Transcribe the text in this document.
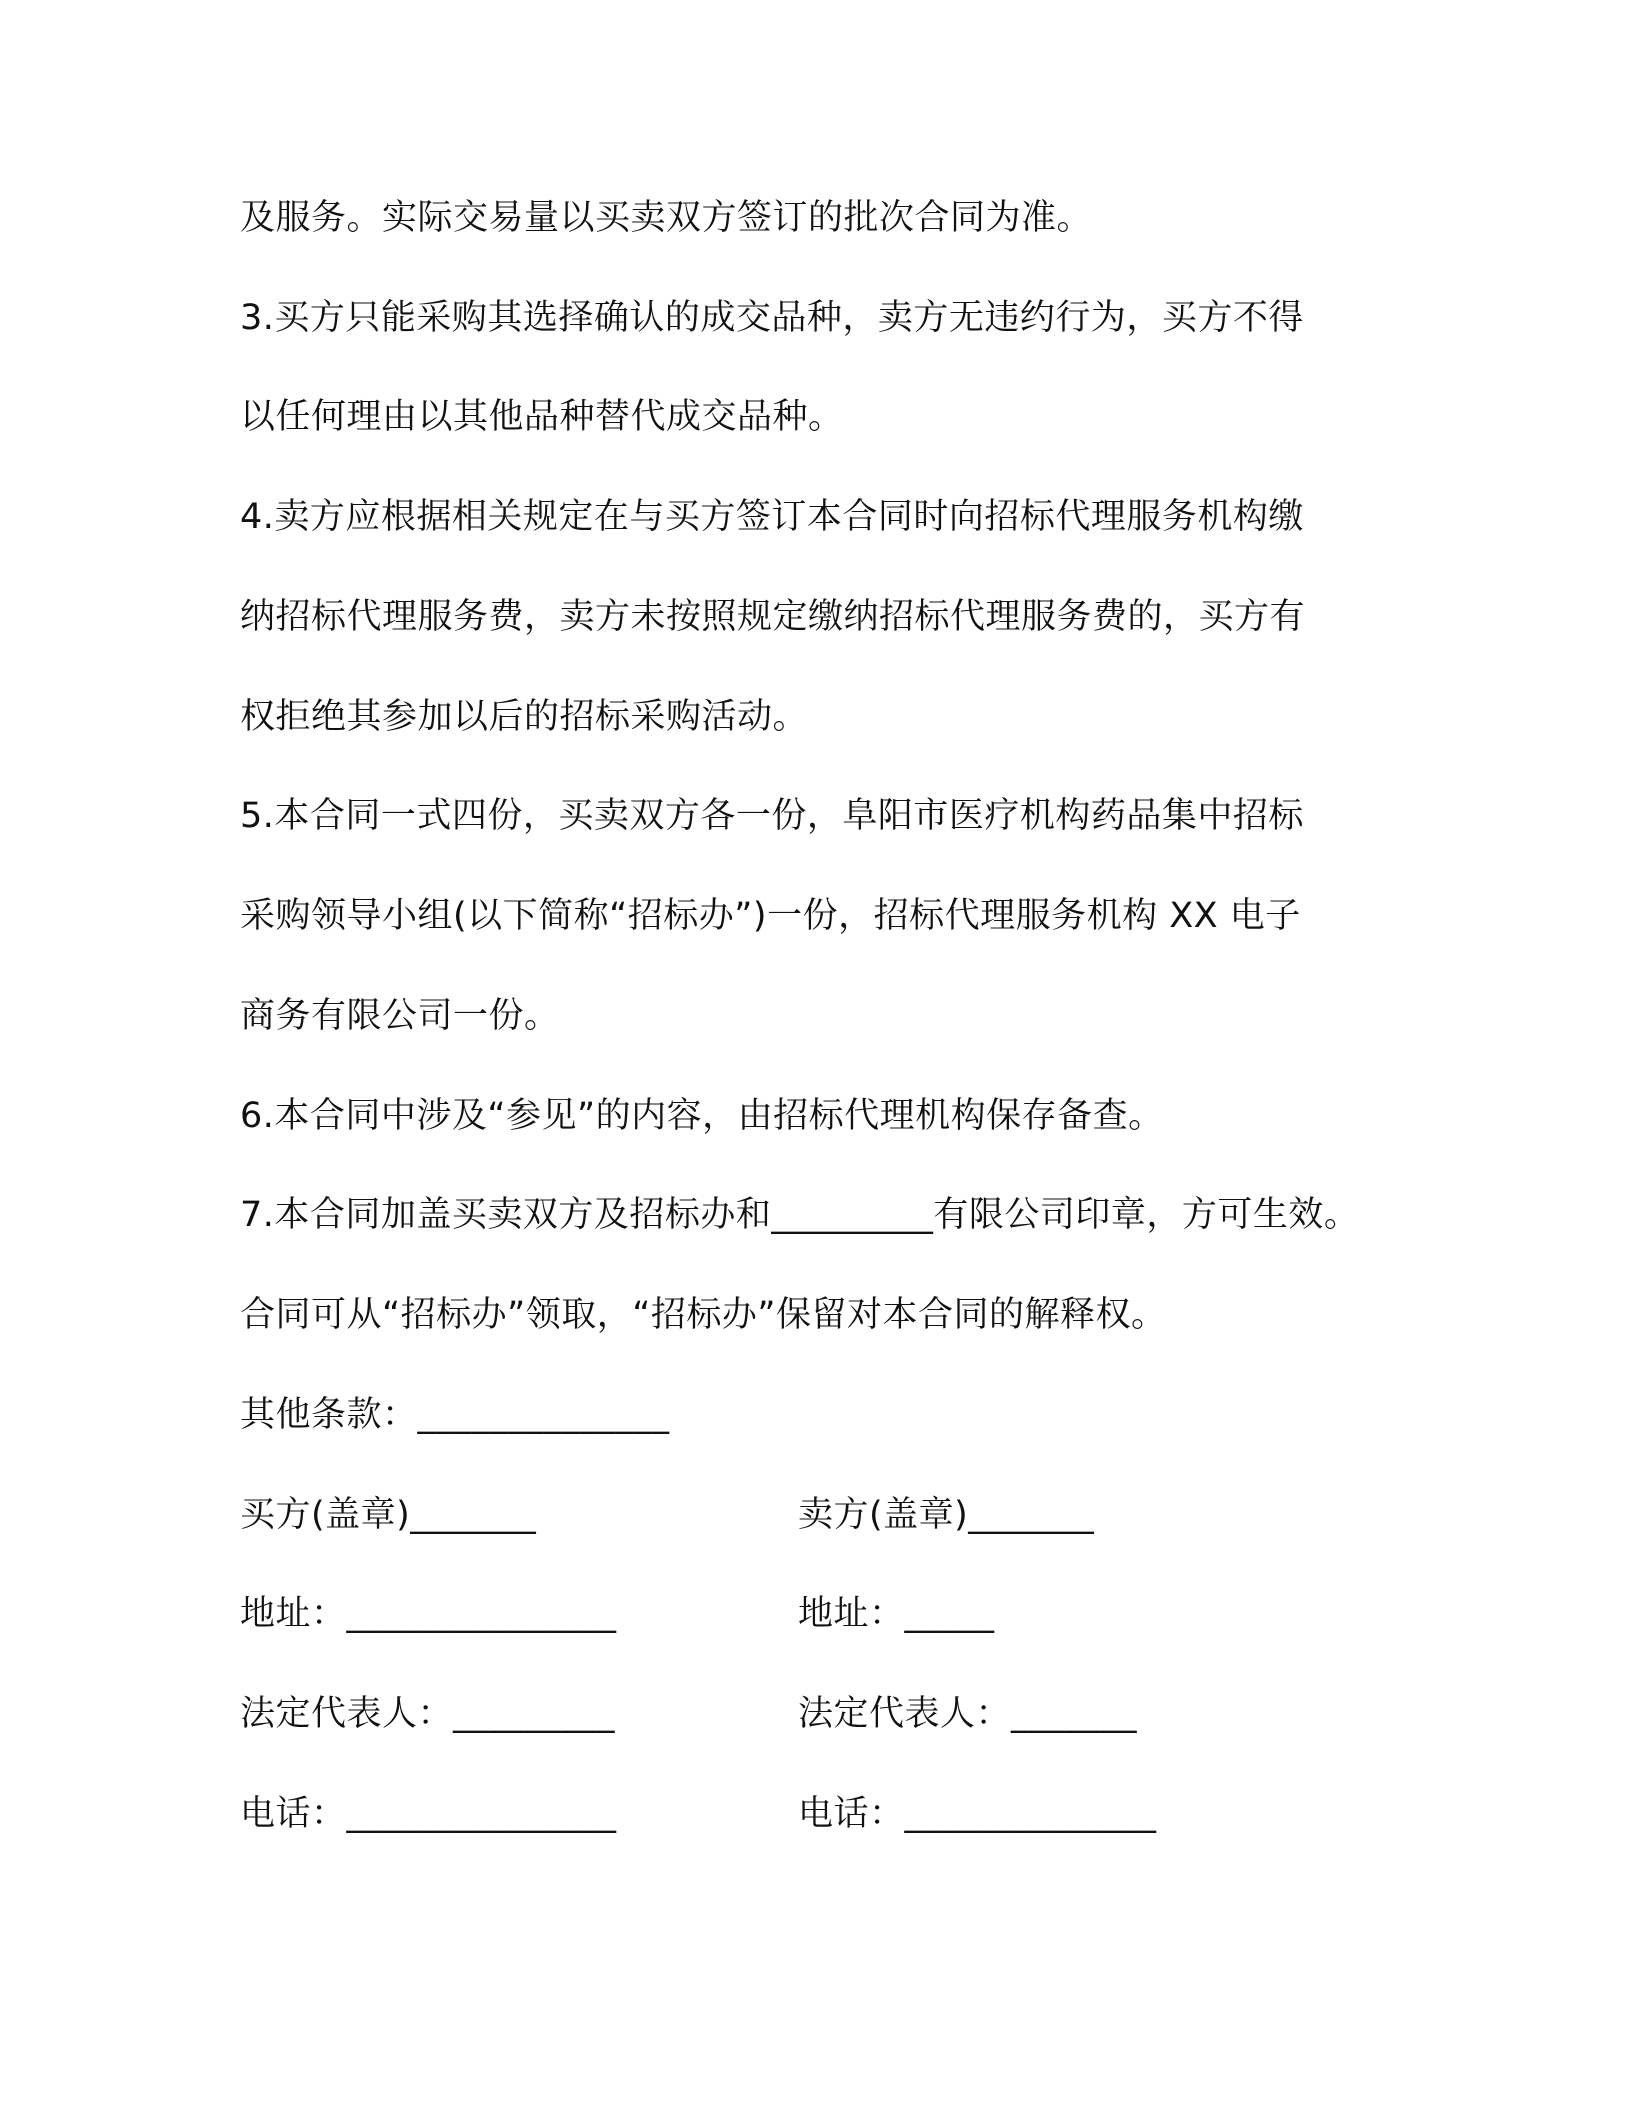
及服务。实际交易量以买卖双方签订的批次合同为准。
3.买方只能采购其选择确认的成交品种，卖方无违约行为，买方不得
以任何理由以其他品种替代成交品种。
4.卖方应根据相关规定在与买方签订本合同时向招标代理服务机构缴
纳招标代理服务费，卖方未按照规定缴纳招标代理服务费的，买方有
权拒绝其参加以后的招标采购活动。
5.本合同一式四份，买卖双方各一份，阜阳市医疗机构药品集中招标
采购领导小组(以下简称“招标办”)一份，招标代理服务机构 XX 电子
商务有限公司一份。
6.本合同中涉及“参见”的内容，由招标代理机构保存备查。
7.本合同加盖买卖双方及招标办和_________有限公司印章，方可生效。
合同可从“招标办”领取，“招标办”保留对本合同的解释权。
其他条款：______________
买方(盖章)_______
地址：_______________
法定代表人：_________
电话：_______________
卖方(盖章)_______
地址：_____
法定代表人：_______
电话：______________
